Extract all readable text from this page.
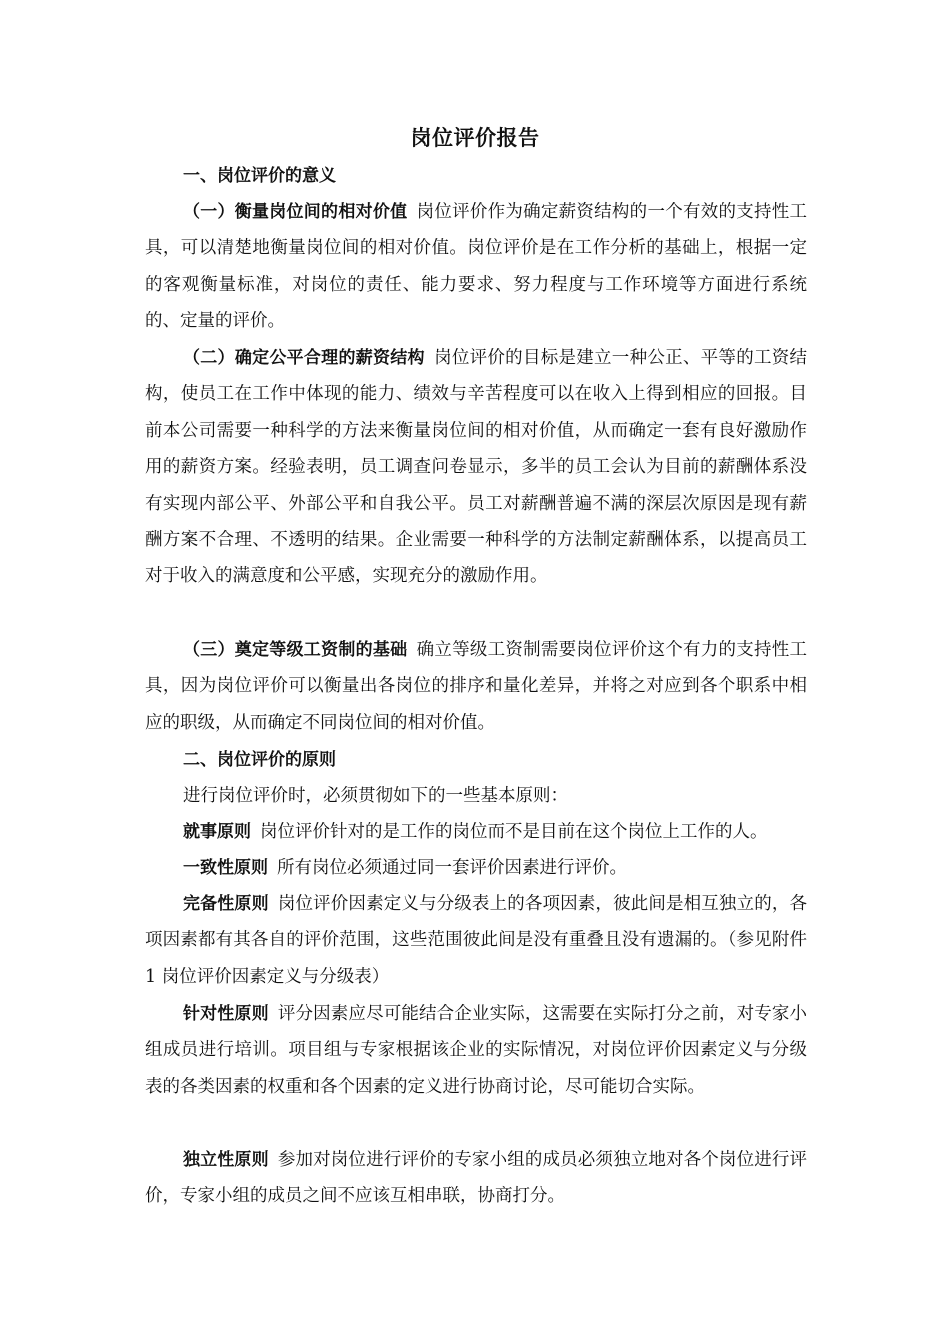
岗位评价报告
一、岗位评价的意义
（一）衡量岗位间的相对价值 岗位评价作为确定薪资结构的一个有效的支持性工具，可以清楚地衡量岗位间的相对价值。岗位评价是在工作分析的基础上，根据一定的客观衡量标准，对岗位的责任、能力要求、努力程度与工作环境等方面进行系统的、定量的评价。
（二）确定公平合理的薪资结构 岗位评价的目标是建立一种公正、平等的工资结构，使员工在工作中体现的能力、绩效与辛苦程度可以在收入上得到相应的回报。目前本公司需要一种科学的方法来衡量岗位间的相对价值，从而确定一套有良好激励作用的薪资方案。经验表明，员工调查问卷显示，多半的员工会认为目前的薪酬体系没有实现内部公平、外部公平和自我公平。员工对薪酬普遍不满的深层次原因是现有薪酬方案不合理、不透明的结果。企业需要一种科学的方法制定薪酬体系，以提高员工对于收入的满意度和公平感，实现充分的激励作用。
（三）奠定等级工资制的基础 确立等级工资制需要岗位评价这个有力的支持性工具，因为岗位评价可以衡量出各岗位的排序和量化差异，并将之对应到各个职系中相应的职级，从而确定不同岗位间的相对价值。
二、岗位评价的原则
进行岗位评价时，必须贯彻如下的一些基本原则：
就事原则 岗位评价针对的是工作的岗位而不是目前在这个岗位上工作的人。
一致性原则 所有岗位必须通过同一套评价因素进行评价。
完备性原则 岗位评价因素定义与分级表上的各项因素，彼此间是相互独立的，各项因素都有其各自的评价范围，这些范围彼此间是没有重叠且没有遗漏的。（参见附件 1 岗位评价因素定义与分级表）
针对性原则 评分因素应尽可能结合企业实际，这需要在实际打分之前，对专家小组成员进行培训。项目组与专家根据该企业的实际情况，对岗位评价因素定义与分级表的各类因素的权重和各个因素的定义进行协商讨论，尽可能切合实际。
独立性原则 参加对岗位进行评价的专家小组的成员必须独立地对各个岗位进行评价，专家小组的成员之间不应该互相串联，协商打分。
